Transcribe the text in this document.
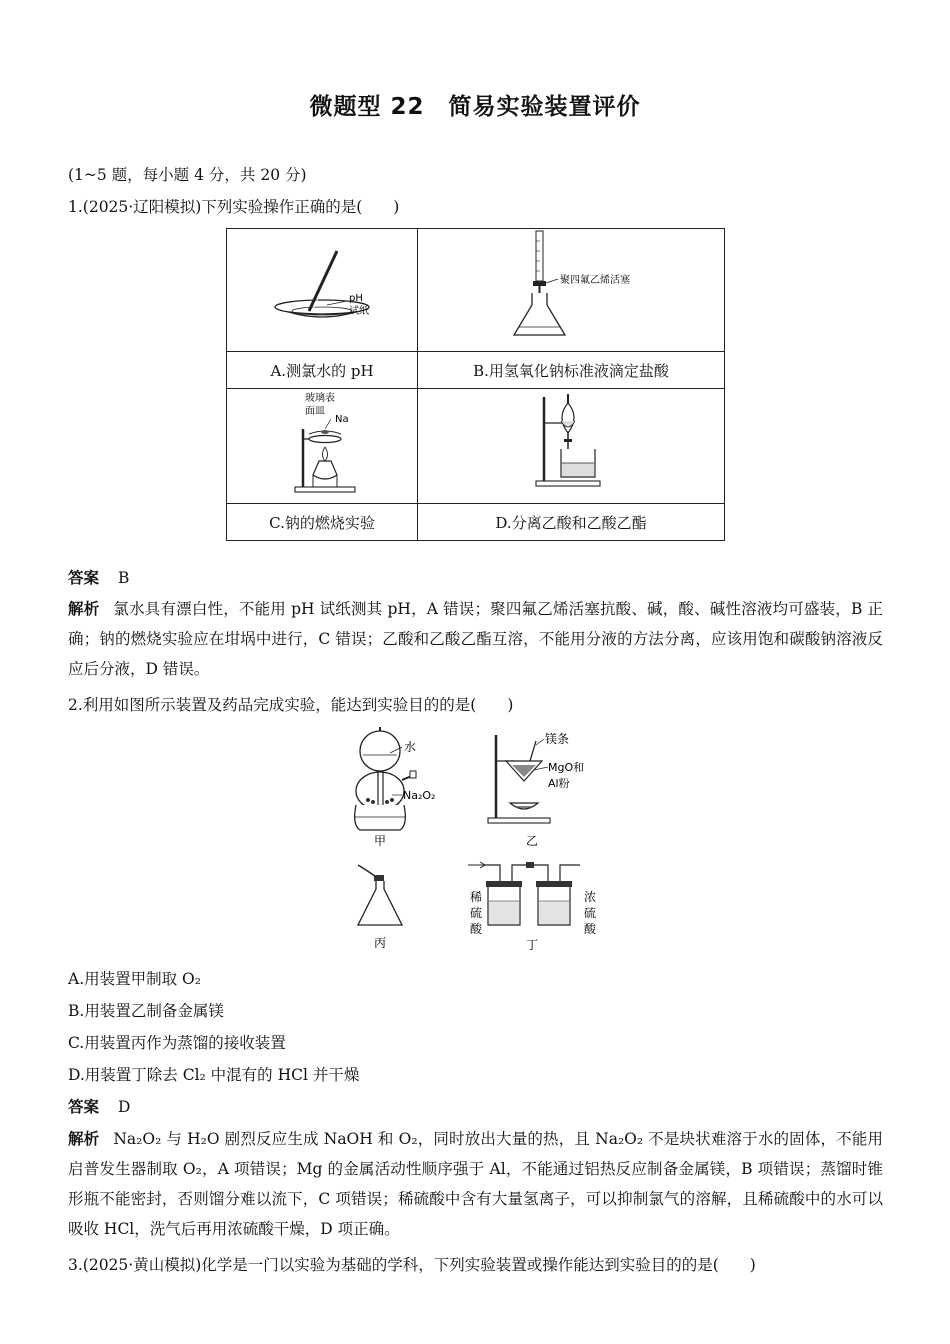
微题型 22　简易实验装置评价
(1~5 题，每小题 4 分，共 20 分)
1.(2025·辽阳模拟)下列实验操作正确的是(　　)
pH
试纸	聚四氟乙烯活塞

A.测氯水的 pH	B.用氢氧化钠标准液滴定盐酸

玻璃表
面皿
Na

C.钠的燃烧实验	D.分离乙酸和乙酸乙酯
答案 B
解析 氯水具有漂白性，不能用 pH 试纸测其 pH，A 错误；聚四氟乙烯活塞抗酸、碱，酸、碱性溶液均可盛装，B 正确；钠的燃烧实验应在坩埚中进行，C 错误；乙酸和乙酸乙酯互溶，不能用分液的方法分离，应该用饱和碳酸钠溶液反应后分液，D 错误。
2.利用如图所示装置及药品完成实验，能达到实验目的的是(　　)
水
Na₂O₂
甲
镁条
MgO和
Al粉
乙
丙
稀
硫
酸
浓
硫
酸
丁
A.用装置甲制取 O₂
B.用装置乙制备金属镁
C.用装置丙作为蒸馏的接收装置
D.用装置丁除去 Cl₂ 中混有的 HCl 并干燥
答案 D
解析 Na₂O₂ 与 H₂O 剧烈反应生成 NaOH 和 O₂，同时放出大量的热，且 Na₂O₂ 不是块状难溶于水的固体，不能用启普发生器制取 O₂，A 项错误；Mg 的金属活动性顺序强于 Al，不能通过铝热反应制备金属镁，B 项错误；蒸馏时锥形瓶不能密封，否则馏分难以流下，C 项错误；稀硫酸中含有大量氢离子，可以抑制氯气的溶解，且稀硫酸中的水可以吸收 HCl，洗气后再用浓硫酸干燥，D 项正确。
3.(2025·黄山模拟)化学是一门以实验为基础的学科，下列实验装置或操作能达到实验目的的是(　　)
